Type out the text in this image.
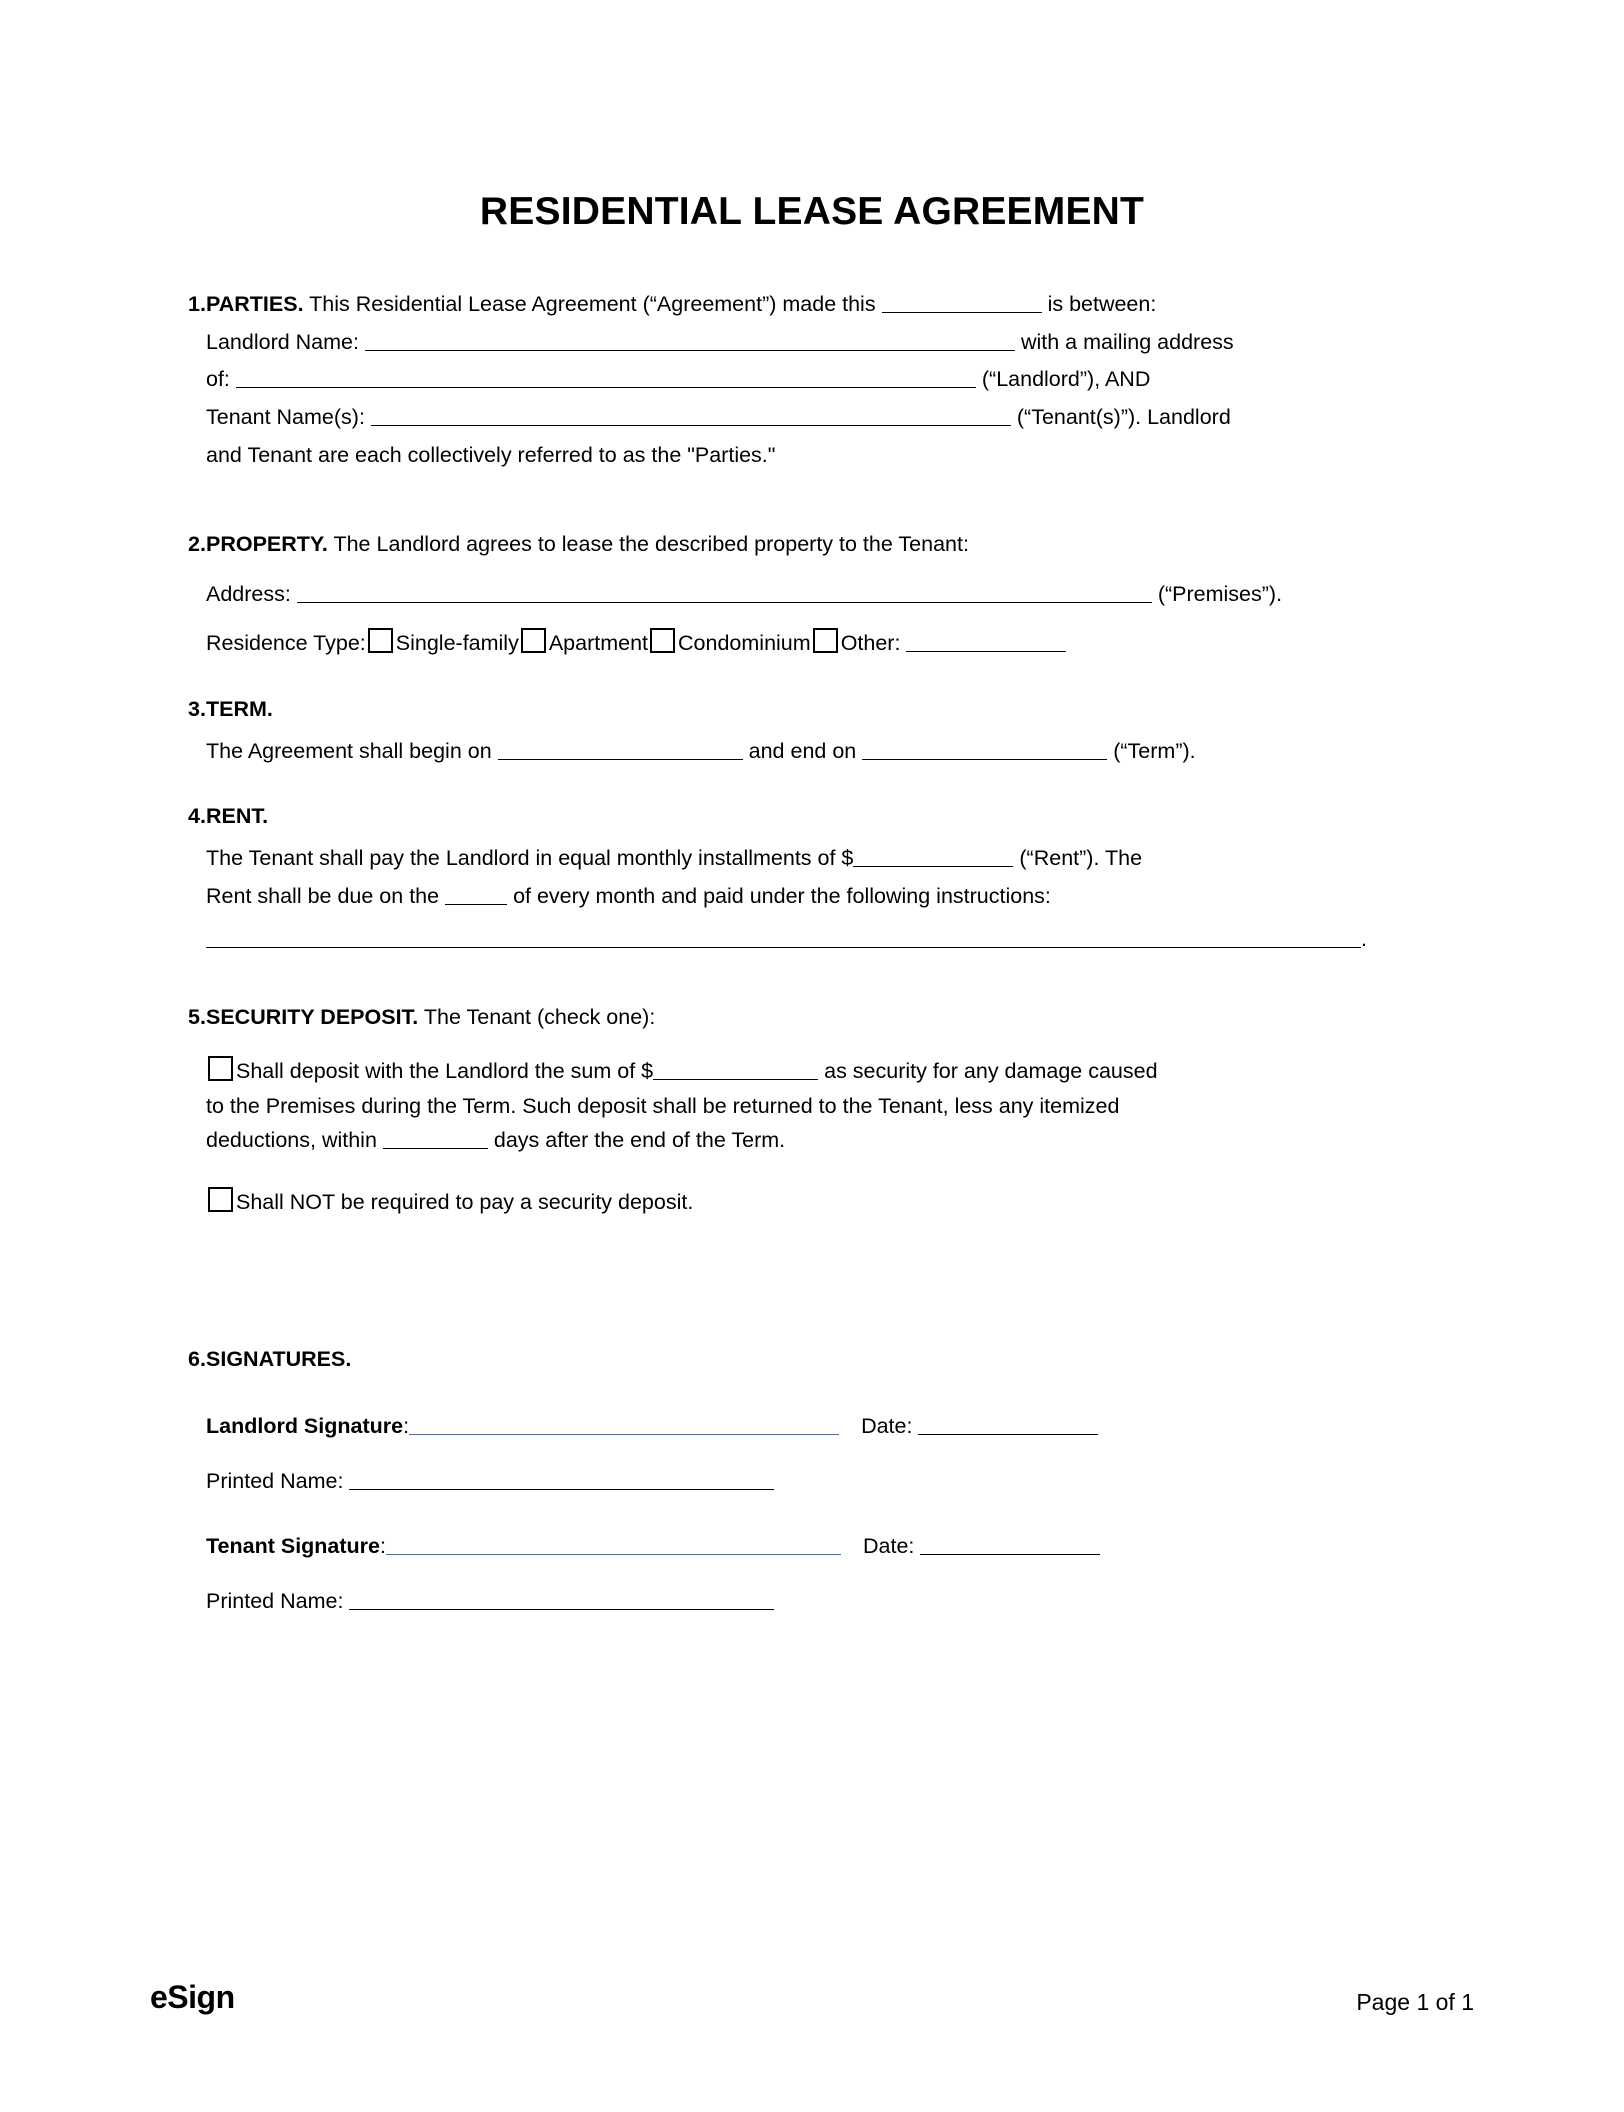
RESIDENTIAL LEASE AGREEMENT
1. PARTIES. This Residential Lease Agreement (“Agreement”) made this	is between:
Landlord Name:	with a mailing address
of:	(“Landlord”), AND
Tenant Name(s):	(“Tenant(s)”). Landlord
and Tenant are each collectively referred to as the "Parties."
2. PROPERTY. The Landlord agrees to lease the described property to the Tenant:
Address:	(“Premises”).
Residence Type: Single-family Apartment Condominium Other:
3. TERM.
The Agreement shall begin on	and end on	(“Term”).
4. RENT.
The Tenant shall pay the Landlord in equal monthly installments of $	(“Rent”). The
Rent shall be due on the	of every month and paid under the following instructions:
.
5. SECURITY DEPOSIT. The Tenant (check one):
Shall deposit with the Landlord the sum of $	as security for any damage caused
to the Premises during the Term. Such deposit shall be returned to the Tenant, less any itemized
deductions, within	days after the end of the Term.
Shall NOT be required to pay a security deposit.
6. SIGNATURES.
Landlord Signature:	Date:
Printed Name:
Tenant Signature:	Date:
Printed Name:
eSign	Page 1 of 1
